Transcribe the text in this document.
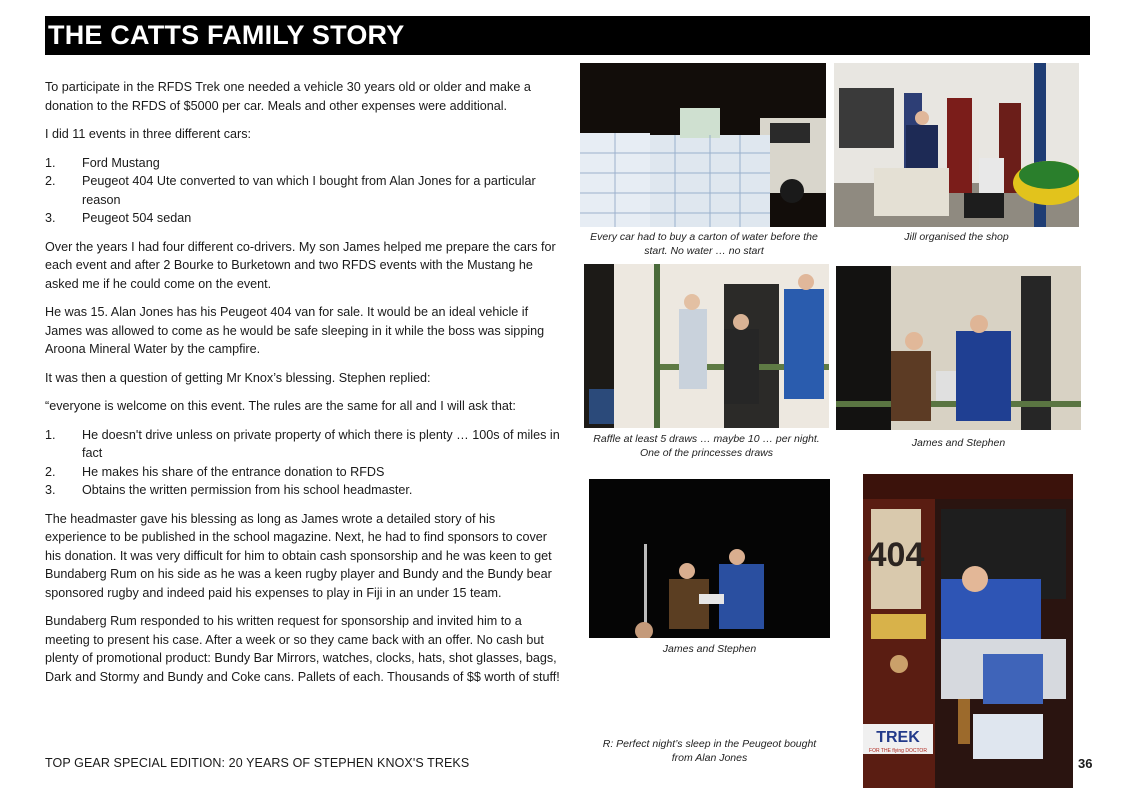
THE CATTS FAMILY STORY

To participate in the RFDS Trek one needed a vehicle 30 years old or older and make a donation to the RFDS of $5000 per car. Meals and other expenses were additional.

I did 11 events in three different cars:

1. Ford Mustang
2. Peugeot 404 Ute converted to van which I bought from Alan Jones for a particular reason
3. Peugeot 504 sedan

Over the years I had four different co-drivers. My son James helped me prepare the cars for each event and after 2 Bourke to Burketown and two RFDS events with the Mustang he asked me if he could come on the event.

He was 15. Alan Jones has his Peugeot 404 van for sale. It would be an ideal vehicle if James was allowed to come as he would be safe sleeping in it while the boss was sipping Aroona Mineral Water by the campfire.

It was then a question of getting Mr Knox’s blessing. Stephen replied:

“everyone is welcome on this event. The rules are the same for all and I will ask that:

1. He doesn't drive unless on private property of which there is plenty … 100s of miles in fact
2. He makes his share of the entrance donation to RFDS
3. Obtains the written permission from his school headmaster.

The headmaster gave his blessing as long as James wrote a detailed story of his experience to be published in the school magazine. Next, he had to find sponsors to cover his donation. It was very difficult for him to obtain cash sponsorship and he was keen to get Bundaberg Rum on his side as he was a keen rugby player and Bundy and the Bundy bear sponsored rugby and indeed paid his expenses to play in Fiji in an under 15 team.

Bundaberg Rum responded to his written request for sponsorship and invited him to a meeting to present his case. After a week or so they came back with an offer. No cash but plenty of promotional product: Bundy Bar Mirrors, watches, clocks, hats, shot glasses, bags, Dark and Stormy and Bundy and Coke cans. Pallets of each. Thousands of $$ worth of stuff!

Every car had to buy a carton of water before the start. No water … no start
Jill organised the shop
Raffle at least 5 draws … maybe 10 … per night. One of the princesses draws
James and Stephen
James and Stephen
404
TREK
FOR THE flying DOCTOR
R: Perfect night’s sleep in the Peugeot bought from Alan Jones
TOP GEAR SPECIAL EDITION: 20 YEARS OF STEPHEN KNOX'S TREKS	36
